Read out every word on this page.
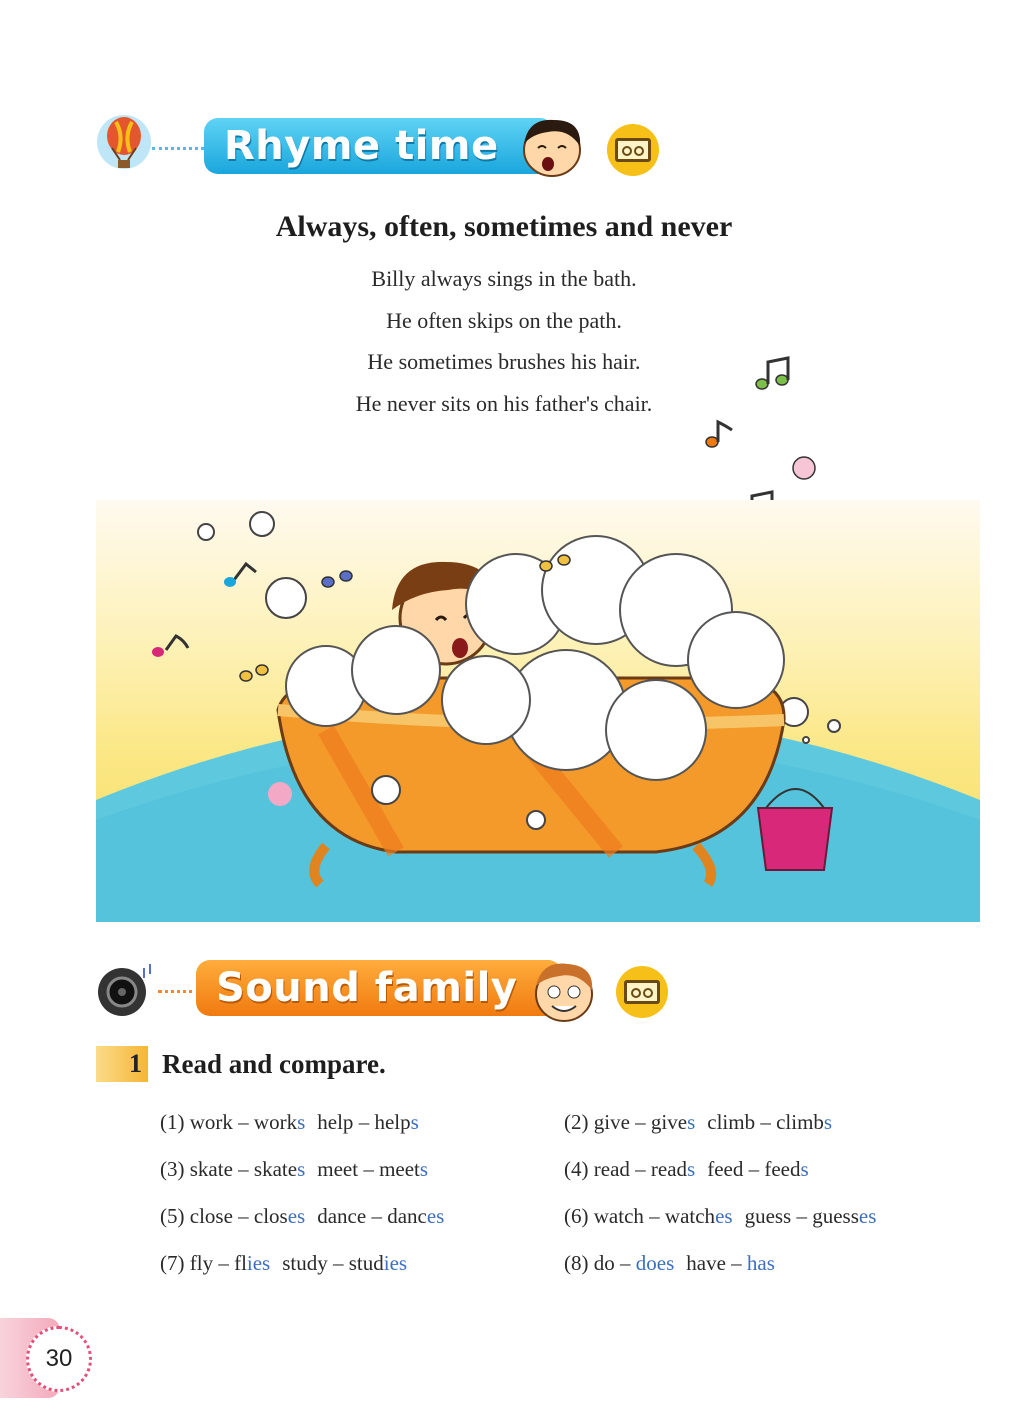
Rhyme time
Always, often, sometimes and never
Billy always sings in the bath.
He often skips on the path.
He sometimes brushes his hair.
He never sits on his father's chair.
Sound family
1 Read and compare.
(1) work – works help – helps	(2) give – gives climb – climbs
(3) skate – skates meet – meets	(4) read – reads feed – feeds
(5) close – closes dance – dances	(6) watch – watches guess – guesses
(7) fly – flies study – studies	(8) do – does have – has
30
